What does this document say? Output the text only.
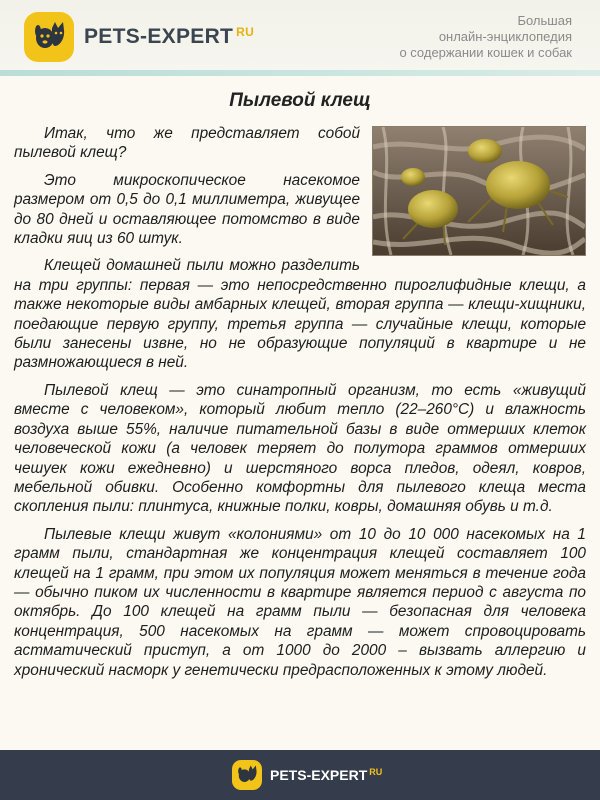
PETS-EXPERT $^{RU}$
Большая
онлайн-энциклопедия
о содержании кошек и собак
Пылевой клещ

Итак, что же представляет собой пылевой клещ?

Это микроскопическое насекомое размером от 0,5 до 0,1 миллиметра, живущее до 80 дней и оставляющее потомство в виде кладки яиц из 60 штук.

Клещей домашней пыли можно разделить на три группы: первая — это непосредственно пироглифидные клещи, а также некоторые виды амбарных клещей, вторая группа — клещи-хищники, поедающие первую группу, третья группа — случайные клещи, которые были занесены извне, но не образующие популяций в квартире и не размножающиеся в ней.

Пылевой клещ — это синатропный организм, то есть «живущий вместе с человеком», который любит тепло (22–260°С) и влажность воздуха выше 55%, наличие питательной базы в виде отмерших клеток человеческой кожи (а человек теряет до полутора граммов отмерших чешуек кожи ежедневно) и шерстяного ворса пледов, одеял, ковров, мебельной обивки. Особенно комфортны для пылевого клеща места скопления пыли: плинтуса, книжные полки, ковры, домашняя обувь и т.д.

Пылевые клещи живут «колониями» от 10 до 10 000 насекомых на 1 грамм пыли, стандартная же концентрация клещей составляет 100 клещей на 1 грамм, при этом их популяция может меняться в течение года — обычно пиком их численности в квартире является период с августа по октябрь. До 100 клещей на грамм пыли — безопасная для человека концентрация, 500 насекомых на грамм — может спровоцировать астматический приступ, а от 1000 до 2000 – вызвать аллергию и хронический насморк у генетически предрасположенных к этому людей.

PETS-EXPERT $^{RU}$
